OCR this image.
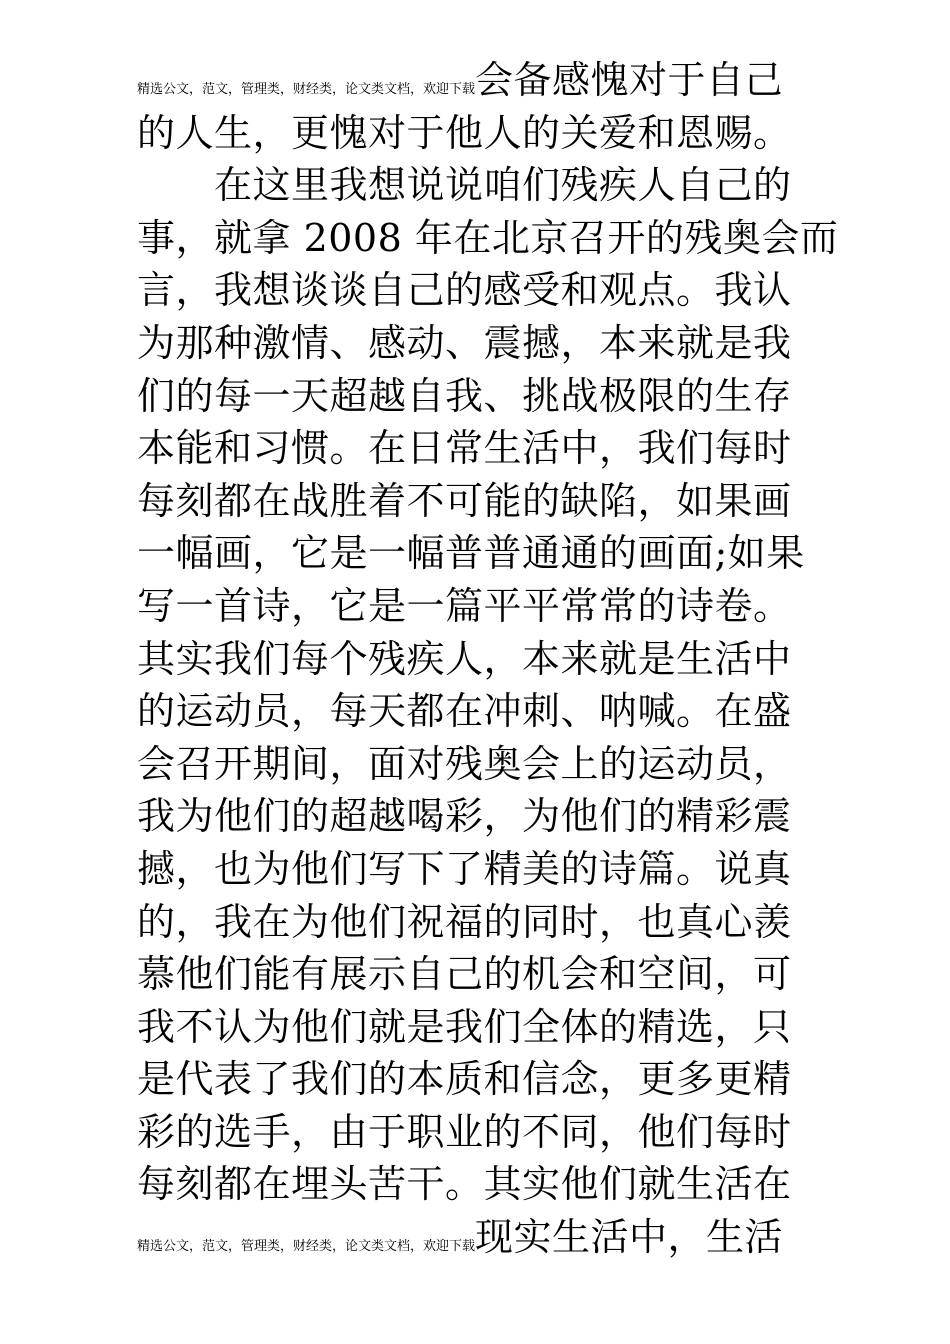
精选公文，范文，管理类，财经类，论文类文档，欢迎下载 会备感愧对于自己
的人生，更愧对于他人的关爱和恩赐。
在这里我想说说咱们残疾人自己的
事，就拿 2008 年在北京召开的残奥会而
言，我想谈谈自己的感受和观点。我认
为那种激情、感动、震撼，本来就是我
们的每一天超越自我、挑战极限的生存
本能和习惯。在日常生活中，我们每时
每刻都在战胜着不可能的缺陷，如果画
一幅画，它是一幅普普通通的画面;如果
写一首诗，它是一篇平平常常的诗卷。
其实我们每个残疾人，本来就是生活中
的运动员，每天都在冲刺、呐喊。在盛
会召开期间，面对残奥会上的运动员，
我为他们的超越喝彩，为他们的精彩震
撼，也为他们写下了精美的诗篇。说真
的，我在为他们祝福的同时，也真心羡
慕他们能有展示自己的机会和空间，可
我不认为他们就是我们全体的精选，只
是代表了我们的本质和信念，更多更精
彩的选手，由于职业的不同，他们每时
每刻都在埋头苦干。其实他们就生活在
精选公文，范文，管理类，财经类，论文类文档，欢迎下载 现实生活中，生活
